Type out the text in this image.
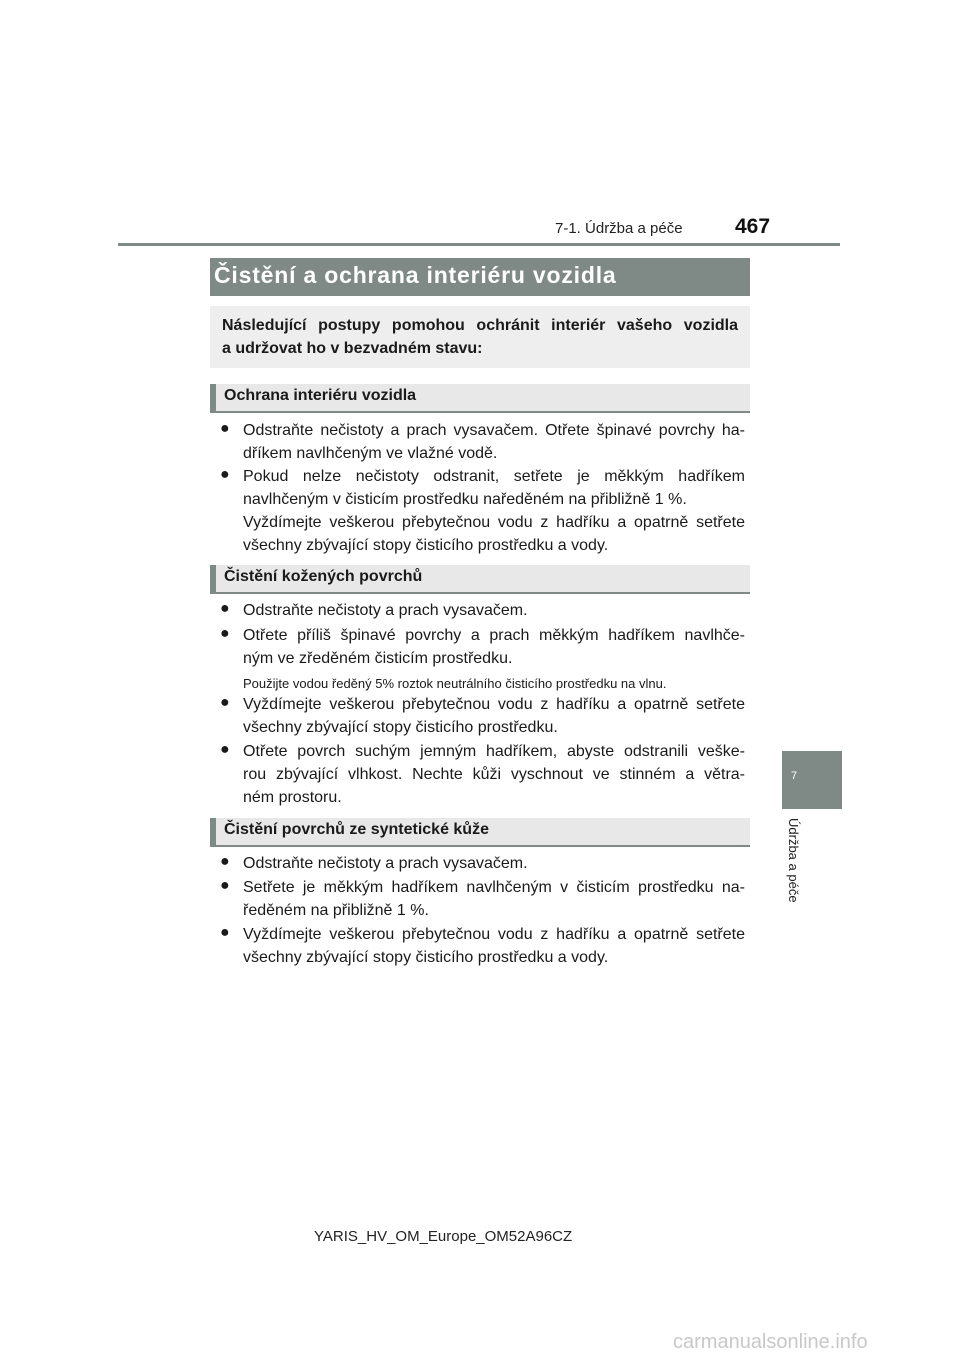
7-1. Údržba a péče 467
7
Údržba a péče
Čistění a ochrana interiéru vozidla

Následující postupy pomohou ochránit interiér vašeho vozidla

a udržovat ho v bezvadném stavu:

Ochrana interiéru vozidla
● Odstraňte nečistoty a prach vysavačem. Otřete špinavé povrchy ha-

dříkem navlhčeným ve vlažné vodě.

● Pokud nelze nečistoty odstranit, setřete je měkkým hadříkem

navlhčeným v čisticím prostředku naředěném na přibližně 1 %.

Vyždímejte veškerou přebytečnou vodu z hadříku a opatrně setřete

všechny zbývající stopy čisticího prostředku a vody.

Čistění kožených povrchů
● Odstraňte nečistoty a prach vysavačem.

● Otřete příliš špinavé povrchy a prach měkkým hadříkem navlhče-

ným ve zředěném čisticím prostředku.

Použijte vodou ředěný 5% roztok neutrálního čisticího prostředku na vlnu.
● Vyždímejte veškerou přebytečnou vodu z hadříku a opatrně setřete

všechny zbývající stopy čisticího prostředku.

● Otřete povrch suchým jemným hadříkem, abyste odstranili veške-

rou zbývající vlhkost. Nechte kůži vyschnout ve stinném a větra-

ném prostoru.

Čistění povrchů ze syntetické kůže
● Odstraňte nečistoty a prach vysavačem.

● Setřete je měkkým hadříkem navlhčeným v čisticím prostředku na-

ředěném na přibližně 1 %.

● Vyždímejte veškerou přebytečnou vodu z hadříku a opatrně setřete

všechny zbývající stopy čisticího prostředku a vody.

YARIS_HV_OM_Europe_OM52A96CZ
carmanualsonline.info
